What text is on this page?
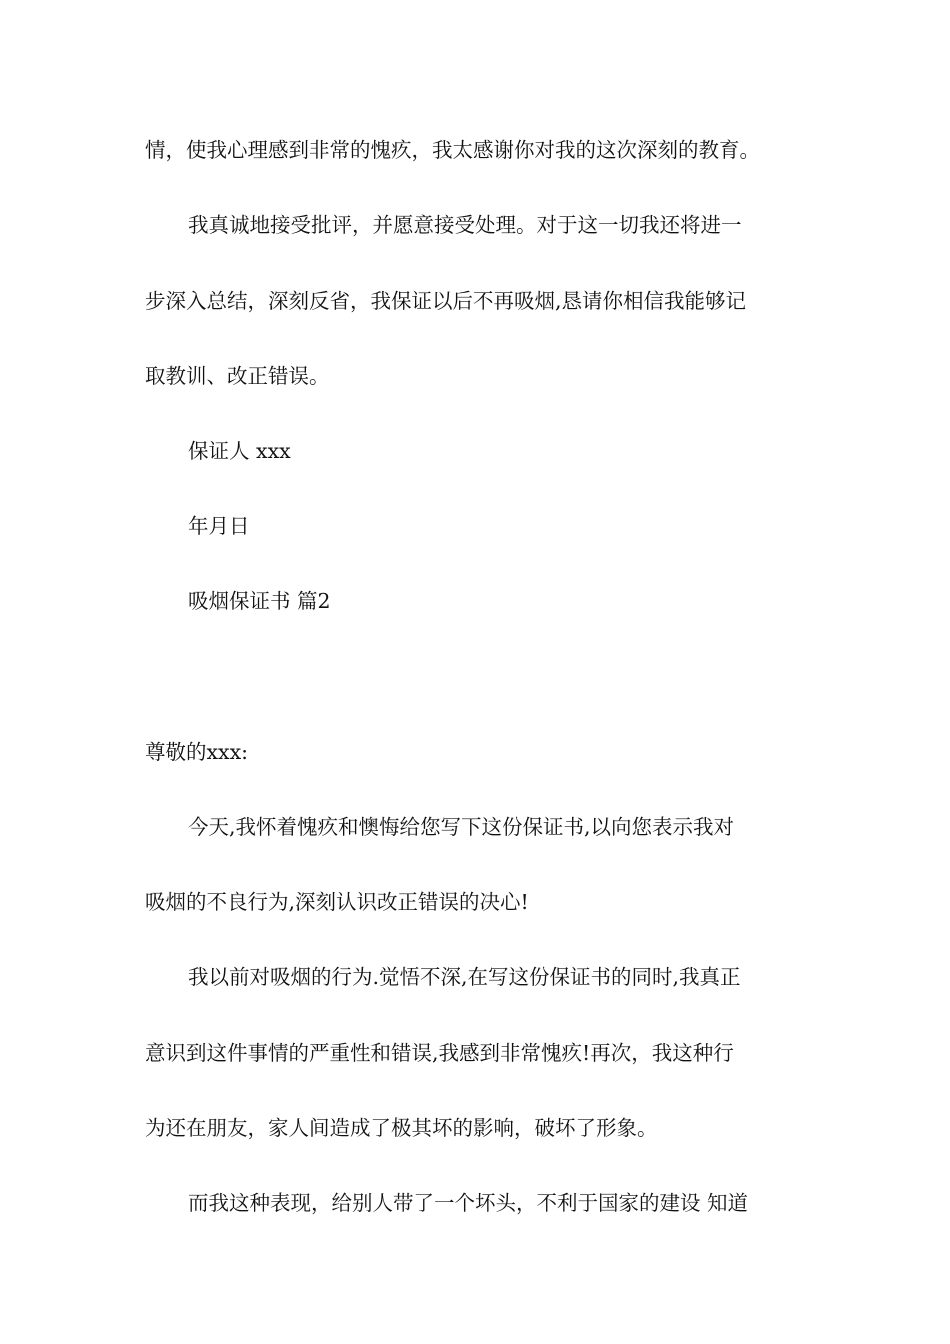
情，使我心理感到非常的愧疚，我太感谢你对我的这次深刻的教育。

我真诚地接受批评，并愿意接受处理。对于这一切我还将进一

步深入总结，深刻反省，我保证以后不再吸烟,恳请你相信我能够记

取教训、改正错误。

保证人 xxx

年月日

吸烟保证书 篇2

尊敬的xxx:

今天,我怀着愧疚和懊悔给您写下这份保证书,以向您表示我对

吸烟的不良行为,深刻认识改正错误的决心!

我以前对吸烟的行为.觉悟不深,在写这份保证书的同时,我真正

意识到这件事情的严重性和错误,我感到非常愧疚!再次，我这种行

为还在朋友，家人间造成了极其坏的影响，破坏了形象。

而我这种表现，给别人带了一个坏头，不利于国家的建设 知道
